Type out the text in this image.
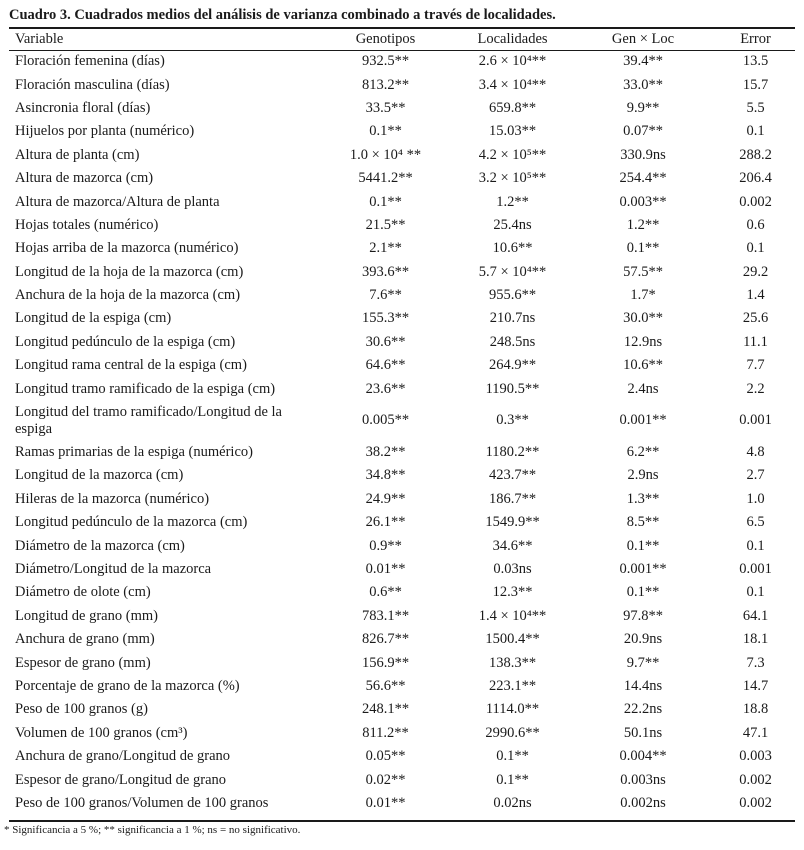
Cuadro 3. Cuadrados medios del análisis de varianza combinado a través de localidades.
Variable	Genotipos	Localidades	Gen × Loc	Error
Floración femenina (días)	932.5**	2.6 × 10⁴**	39.4**	13.5
Floración masculina (días)	813.2**	3.4 × 10⁴**	33.0**	15.7
Asincronia floral (días)	33.5**	659.8**	9.9**	5.5
Hijuelos por planta (numérico)	0.1**	15.03**	0.07**	0.1
Altura de planta (cm)	1.0 × 10⁴ **	4.2 × 10⁵**	330.9ns	288.2
Altura de mazorca (cm)	5441.2**	3.2 × 10⁵**	254.4**	206.4
Altura de mazorca/Altura de planta	0.1**	1.2**	0.003**	0.002
Hojas totales (numérico)	21.5**	25.4ns	1.2**	0.6
Hojas arriba de la mazorca (numérico)	2.1**	10.6**	0.1**	0.1
Longitud de la hoja de la mazorca (cm)	393.6**	5.7 × 10⁴**	57.5**	29.2
Anchura de la hoja de la mazorca (cm)	7.6**	955.6**	1.7*	1.4
Longitud de la espiga (cm)	155.3**	210.7ns	30.0**	25.6
Longitud pedúnculo de la espiga (cm)	30.6**	248.5ns	12.9ns	11.1
Longitud rama central de la espiga (cm)	64.6**	264.9**	10.6**	7.7
Longitud tramo ramificado de la espiga (cm)	23.6**	1190.5**	2.4ns	2.2
Longitud del tramo ramificado/Longitud de la espiga	0.005**	0.3**	0.001**	0.001
Ramas primarias de la espiga (numérico)	38.2**	1180.2**	6.2**	4.8
Longitud de la mazorca (cm)	34.8**	423.7**	2.9ns	2.7
Hileras de la mazorca (numérico)	24.9**	186.7**	1.3**	1.0
Longitud pedúnculo de la mazorca (cm)	26.1**	1549.9**	8.5**	6.5
Diámetro de la mazorca (cm)	0.9**	34.6**	0.1**	0.1
Diámetro/Longitud de la mazorca	0.01**	0.03ns	0.001**	0.001
Diámetro de olote (cm)	0.6**	12.3**	0.1**	0.1
Longitud de grano (mm)	783.1**	1.4 × 10⁴**	97.8**	64.1
Anchura de grano (mm)	826.7**	1500.4**	20.9ns	18.1
Espesor de grano (mm)	156.9**	138.3**	9.7**	7.3
Porcentaje de grano de la mazorca (%)	56.6**	223.1**	14.4ns	14.7
Peso de 100 granos (g)	248.1**	1114.0**	22.2ns	18.8
Volumen de 100 granos (cm³)	811.2**	2990.6**	50.1ns	47.1
Anchura de grano/Longitud de grano	0.05**	0.1**	0.004**	0.003
Espesor de grano/Longitud de grano	0.02**	0.1**	0.003ns	0.002
Peso de 100 granos/Volumen de 100 granos	0.01**	0.02ns	0.002ns	0.002
* Significancia a 5 %; ** significancia a 1 %; ns = no significativo.
